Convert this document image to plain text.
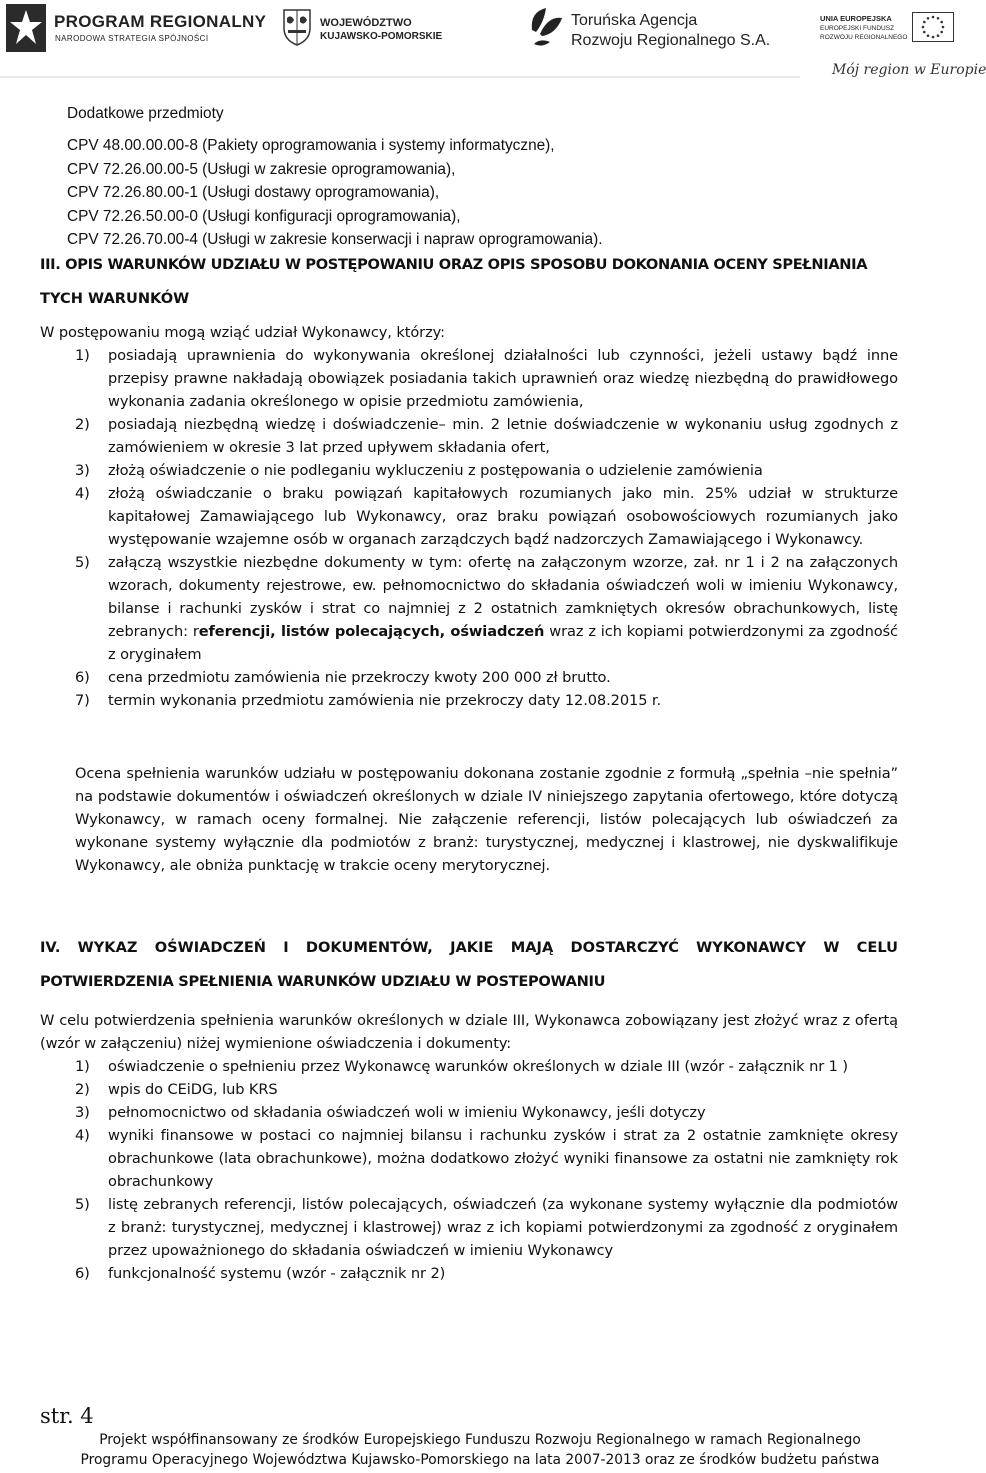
PROGRAM REGIONALNY
NARODOWA STRATEGIA SPÓJNOŚCI
WOJEWÓDZTWO
KUJAWSKO-POMORSKIE
Toruńska Agencja
Rozwoju Regionalnego S.A.
UNIA EUROPEJSKA
EUROPEJSKI FUNDUSZ
ROZWOJU REGIONALNEGO
Mój region w Europie
Dodatkowe przedmioty
CPV 48.00.00.00-8 (Pakiety oprogramowania i systemy informatyczne),
CPV 72.26.00.00-5 (Usługi w zakresie oprogramowania),
CPV 72.26.80.00-1 (Usługi dostawy oprogramowania),
CPV 72.26.50.00-0 (Usługi konfiguracji oprogramowania),
CPV 72.26.70.00-4 (Usługi w zakresie konserwacji i napraw oprogramowania).
III. OPIS WARUNKÓW UDZIAŁU W POSTĘPOWANIU ORAZ OPIS SPOSOBU DOKONANIA OCENY SPEŁNIANIA
TYCH WARUNKÓW
W postępowaniu mogą wziąć udział Wykonawcy, którzy:
1) posiadają uprawnienia do wykonywania określonej działalności lub czynności, jeżeli ustawy bądź inne przepisy prawne nakładają obowiązek posiadania takich uprawnień oraz wiedzę niezbędną do prawidłowego wykonania zadania określonego w opisie przedmiotu zamówienia,
2) posiadają niezbędną wiedzę i doświadczenie– min. 2 letnie doświadczenie w wykonaniu usług zgodnych z zamówieniem w okresie 3 lat przed upływem składania ofert,
3) złożą oświadczenie o nie podleganiu wykluczeniu z postępowania o udzielenie zamówienia
4) złożą oświadczanie o braku powiązań kapitałowych rozumianych jako min. 25% udział w strukturze kapitałowej Zamawiającego lub Wykonawcy, oraz braku powiązań osobowościowych rozumianych jako występowanie wzajemne osób w organach zarządczych bądź nadzorczych Zamawiającego i Wykonawcy.
5) załączą wszystkie niezbędne dokumenty w tym: ofertę na załączonym wzorze, zał. nr 1 i 2 na załączonych wzorach, dokumenty rejestrowe, ew. pełnomocnictwo do składania oświadczeń woli w imieniu Wykonawcy, bilanse i rachunki zysków i strat co najmniej z 2 ostatnich zamkniętych okresów obrachunkowych, listę zebranych: referencji, listów polecających, oświadczeń wraz z ich kopiami potwierdzonymi za zgodność z oryginałem
6) cena przedmiotu zamówienia nie przekroczy kwoty 200 000 zł brutto.
7) termin wykonania przedmiotu zamówienia nie przekroczy daty 12.08.2015 r.
Ocena spełnienia warunków udziału w postępowaniu dokonana zostanie zgodnie z formułą „spełnia –nie spełnia” na podstawie dokumentów i oświadczeń określonych w dziale IV niniejszego zapytania ofertowego, które dotyczą Wykonawcy, w ramach oceny formalnej. Nie załączenie referencji, listów polecających lub oświadczeń za wykonane systemy wyłącznie dla podmiotów z branż: turystycznej, medycznej i klastrowej, nie dyskwalifikuje Wykonawcy, ale obniża punktację w trakcie oceny merytorycznej.
IV. WYKAZ OŚWIADCZEŃ I DOKUMENTÓW, JAKIE MAJĄ DOSTARCZYĆ WYKONAWCY W CELU
POTWIERDZENIA SPEŁNIENIA WARUNKÓW UDZIAŁU W POSTEPOWANIU
W celu potwierdzenia spełnienia warunków określonych w dziale III, Wykonawca zobowiązany jest złożyć wraz z ofertą (wzór w załączeniu) niżej wymienione oświadczenia i dokumenty:
1) oświadczenie o spełnieniu przez Wykonawcę warunków określonych w dziale III (wzór - załącznik nr 1 )
2) wpis do CEiDG, lub KRS
3) pełnomocnictwo od składania oświadczeń woli w imieniu Wykonawcy, jeśli dotyczy
4) wyniki finansowe w postaci co najmniej bilansu i rachunku zysków i strat za 2 ostatnie zamknięte okresy obrachunkowe (lata obrachunkowe), można dodatkowo złożyć wyniki finansowe za ostatni nie zamknięty rok obrachunkowy
5) listę zebranych referencji, listów polecających, oświadczeń (za wykonane systemy wyłącznie dla podmiotów z branż: turystycznej, medycznej i klastrowej) wraz z ich kopiami potwierdzonymi za zgodność z oryginałem przez upoważnionego do składania oświadczeń w imieniu Wykonawcy
6) funkcjonalność systemu (wzór - załącznik nr 2)
str. 4
Projekt współfinansowany ze środków Europejskiego Funduszu Rozwoju Regionalnego w ramach Regionalnego
Programu Operacyjnego Województwa Kujawsko-Pomorskiego na lata 2007-2013 oraz ze środków budżetu państwa
